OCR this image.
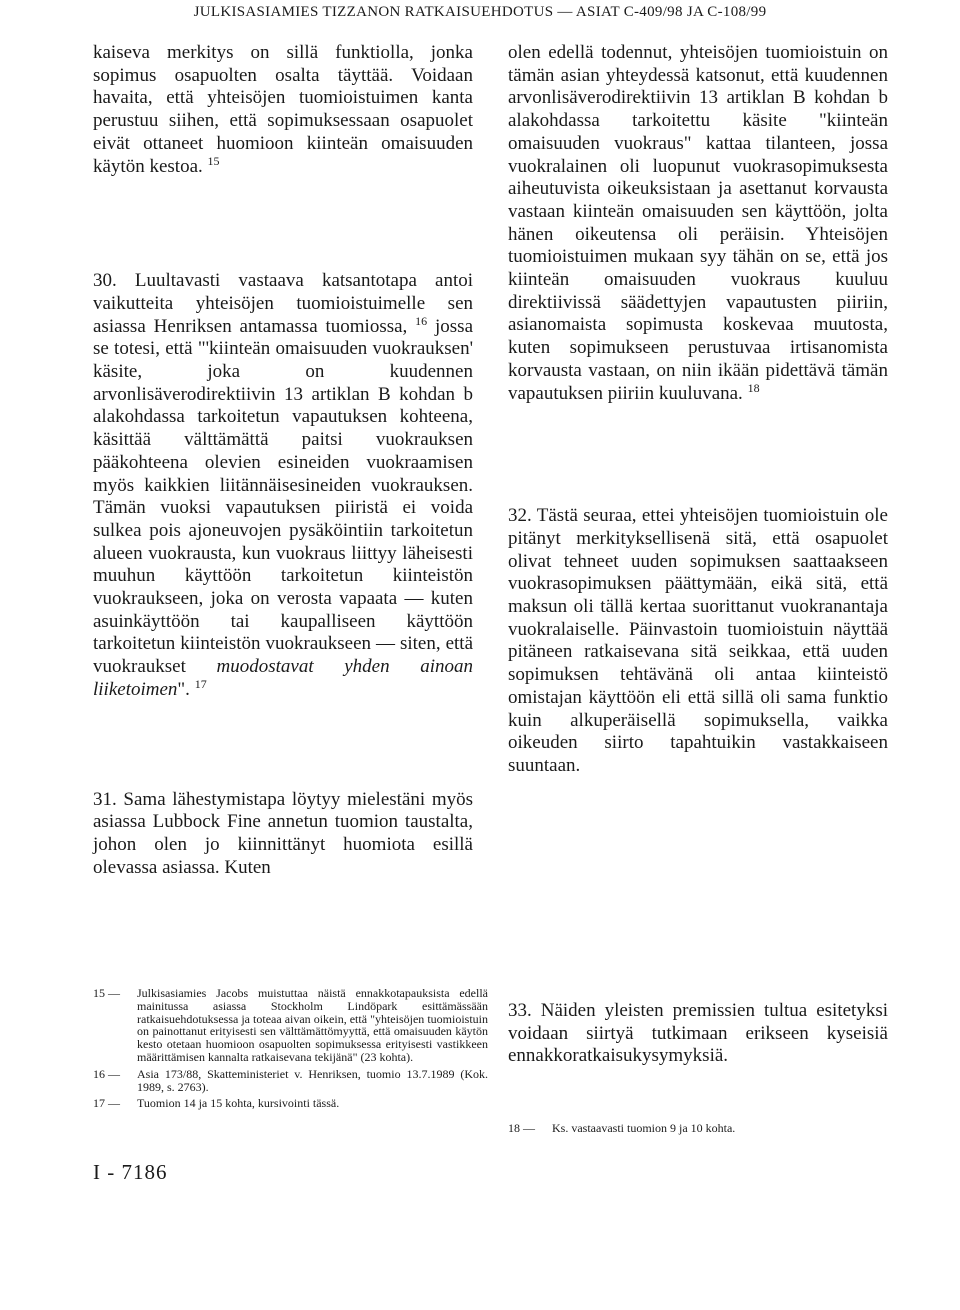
JULKISASIAMIES TIZZANON RATKAISUEHDOTUS — ASIAT C-409/98 JA C-108/99

kaiseva merkitys on sillä funktiolla, jonka sopimus osapuolten osalta täyttää. Voidaan havaita, että yhteisöjen tuomioistuimen kanta perustuu siihen, että sopimuksessaan osapuolet eivät ottaneet huomioon kiinteän omaisuuden käytön kestoa. $^{15}$

30. Luultavasti vastaava katsantotapa antoi vaikutteita yhteisöjen tuomioistuimelle sen asiassa Henriksen antamassa tuomiossa, $^{16}$ jossa se totesi, että "'kiinteän omaisuuden vuokrauksen' käsite, joka on kuudennen arvonlisäverodirektiivin 13 artiklan B kohdan b alakohdassa tarkoitetun vapautuksen kohteena, käsittää välttämättä paitsi vuokrauksen pääkohteena olevien esineiden vuokraamisen myös kaikkien liitännäisesineiden vuokrauksen. Tämän vuoksi vapautuksen piiristä ei voida sulkea pois ajoneuvojen pysäköintiin tarkoitetun alueen vuokrausta, kun vuokraus liittyy läheisesti muuhun käyttöön tarkoitetun kiinteistön vuokraukseen, joka on verosta vapaata — kuten asuinkäyttöön tai kaupalliseen käyttöön tarkoitetun kiinteistön vuokraukseen — siten, että vuokraukset muodostavat yhden ainoan liiketoimen". $^{17}$

31. Sama lähestymistapa löytyy mielestäni myös asiassa Lubbock Fine annetun tuomion taustalta, johon olen jo kiinnittänyt huomiota esillä olevassa asiassa. Kuten

olen edellä todennut, yhteisöjen tuomioistuin on tämän asian yhteydessä katsonut, että kuudennen arvonlisäverodirektiivin 13 artiklan B kohdan b alakohdassa tarkoitettu käsite "kiinteän omaisuuden vuokraus" kattaa tilanteen, jossa vuokralainen oli luopunut vuokrasopimuksesta aiheutuvista oikeuksistaan ja asettanut korvausta vastaan kiinteän omaisuuden sen käyttöön, jolta hänen oikeutensa oli peräisin. Yhteisöjen tuomioistuimen mukaan syy tähän on se, että jos kiinteän omaisuuden vuokraus kuuluu direktiivissä säädettyjen vapautusten piiriin, asianomaista sopimusta koskevaa muutosta, kuten sopimukseen perustuvaa irtisanomista korvausta vastaan, on niin ikään pidettävä tämän vapautuksen piiriin kuuluvana. $^{18}$

32. Tästä seuraa, ettei yhteisöjen tuomioistuin ole pitänyt merkityksellisenä sitä, että osapuolet olivat tehneet uuden sopimuksen saattaakseen vuokrasopimuksen päättymään, eikä sitä, että maksun oli tällä kertaa suorittanut vuokranantaja vuokralaiselle. Päinvastoin tuomioistuin näyttää pitäneen ratkaisevana sitä seikkaa, että uuden sopimuksen tehtävänä oli antaa kiinteistö omistajan käyttöön eli että sillä oli sama funktio kuin alkuperäisellä sopimuksella, vaikka oikeuden siirto tapahtuikin vastakkaiseen suuntaan.

15 —	Julkisasiamies Jacobs muistuttaa näistä ennakkotapauksista edellä mainitussa asiassa Stockholm Lindöpark esittämässään ratkaisuehdotuksessa ja toteaa aivan oikein, että "yhteisöjen tuomioistuin on painottanut erityisesti sen välttämättömyyttä, että omaisuuden käytön kesto otetaan huomioon osapuolten sopimuksessa erityisesti vastikkeen määrittämisen kannalta ratkaisevana tekijänä" (23 kohta).
16 —	Asia 173/88, Skatteministeriet v. Henriksen, tuomio 13.7.1989 (Kok. 1989, s. 2763).
17 —	Tuomion 14 ja 15 kohta, kursivointi tässä.

33. Näiden yleisten premissien tultua esitetyksi voidaan siirtyä tutkimaan erikseen kyseisiä ennakkoratkaisukysymyksiä.

18 —	Ks. vastaavasti tuomion 9 ja 10 kohta.
I - 7186
